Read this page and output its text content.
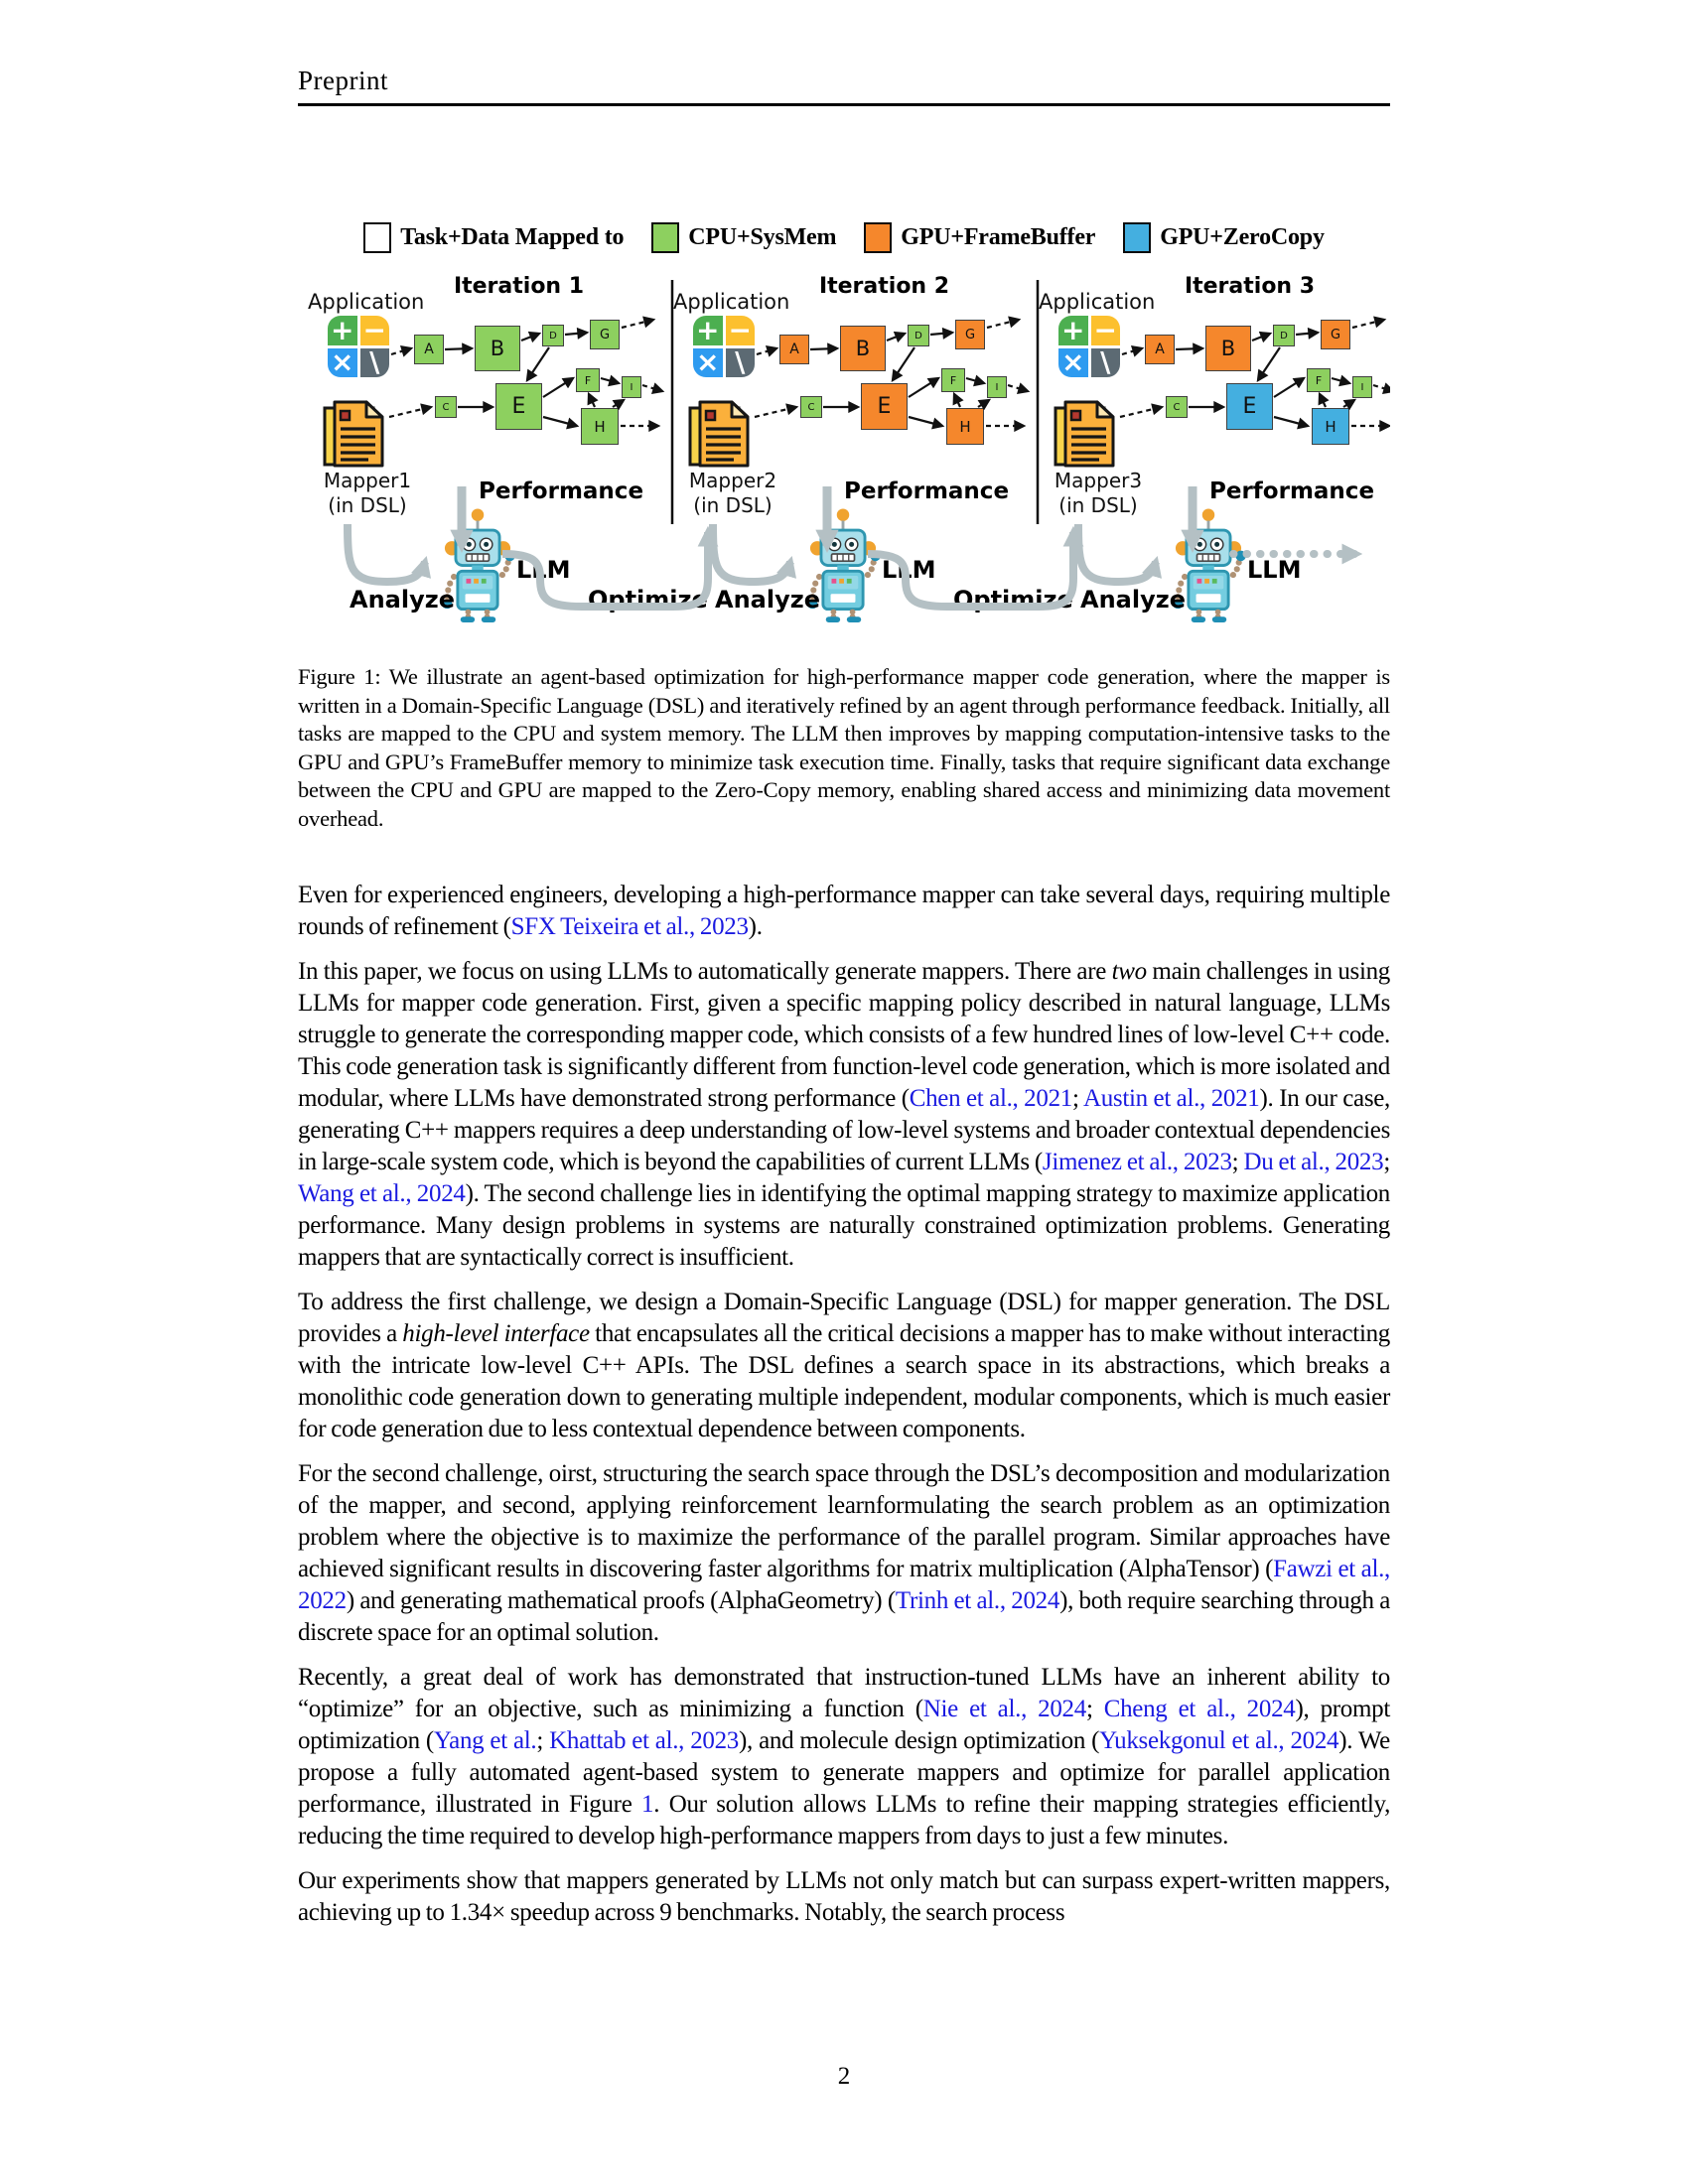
Preprint
Task+Data Mapped to	CPU+SysMem	GPU+FrameBuffer	GPU+ZeroCopy
Iteration 1
Application
+ −
× \
Mapper1
(in DSL)
Performance
LLM
Analyze	Optimize
A	B
C
D
E
F
G
H
I
Iteration 2
Application
+ −
× \
Mapper2
(in DSL)
Performance
LLM
Analyze	Optimize
A	B
C
D
E
F
G
H
I
Iteration 3
Application
+ −
× \
Mapper3
(in DSL)
Performance
LLM
Analyze
A	B
C
D
E
F
G
H
I
Figure 1: We illustrate an agent-based optimization for high-performance mapper code generation, where the mapper is written in a Domain-Specific Language (DSL) and iteratively refined by an agent through performance feedback. Initially, all tasks are mapped to the CPU and system memory. The LLM then improves by mapping computation-intensive tasks to the GPU and GPU’s FrameBuffer memory to minimize task execution time. Finally, tasks that require significant data exchange between the CPU and GPU are mapped to the Zero-Copy memory, enabling shared access and minimizing data movement overhead.

Even for experienced engineers, developing a high-performance mapper can take several days, requiring multiple rounds of refinement (SFX Teixeira et al., 2023).

In this paper, we focus on using LLMs to automatically generate mappers. There are two main challenges in using LLMs for mapper code generation. First, given a specific mapping policy described in natural language, LLMs struggle to generate the corresponding mapper code, which consists of a few hundred lines of low-level C++ code. This code generation task is significantly different from function-level code generation, which is more isolated and modular, where LLMs have demonstrated strong performance (Chen et al., 2021; Austin et al., 2021). In our case, generating C++ mappers requires a deep understanding of low-level systems and broader contextual dependencies in large-scale system code, which is beyond the capabilities of current LLMs (Jimenez et al., 2023; Du et al., 2023; Wang et al., 2024). The second challenge lies in identifying the optimal mapping strategy to maximize application performance. Many design problems in systems are naturally constrained optimization problems. Generating mappers that are syntactically correct is insufficient.

To address the first challenge, we design a Domain-Specific Language (DSL) for mapper generation. The DSL provides a high-level interface that encapsulates all the critical decisions a mapper has to make without interacting with the intricate low-level C++ APIs. The DSL defines a search space in its abstractions, which breaks a monolithic code generation down to generating multiple independent, modular components, which is much easier for code generation due to less contextual dependence between components.

For the second challenge, oirst, structuring the search space through the DSL’s decomposition and modularization of the mapper, and second, applying reinforcement learnformulating the search problem as an optimization problem where the objective is to maximize the performance of the parallel program. Similar approaches have achieved significant results in discovering faster algorithms for matrix multiplication (AlphaTensor) (Fawzi et al., 2022) and generating mathematical proofs (AlphaGeometry) (Trinh et al., 2024), both require searching through a discrete space for an optimal solution.

Recently, a great deal of work has demonstrated that instruction-tuned LLMs have an inherent ability to “optimize” for an objective, such as minimizing a function (Nie et al., 2024; Cheng et al., 2024), prompt optimization (Yang et al.; Khattab et al., 2023), and molecule design optimization (Yuksekgonul et al., 2024). We propose a fully automated agent-based system to generate mappers and optimize for parallel application performance, illustrated in Figure 1. Our solution allows LLMs to refine their mapping strategies efficiently, reducing the time required to develop high-performance mappers from days to just a few minutes.

Our experiments show that mappers generated by LLMs not only match but can surpass expert-written mappers, achieving up to 1.34× speedup across 9 benchmarks. Notably, the search process

2
